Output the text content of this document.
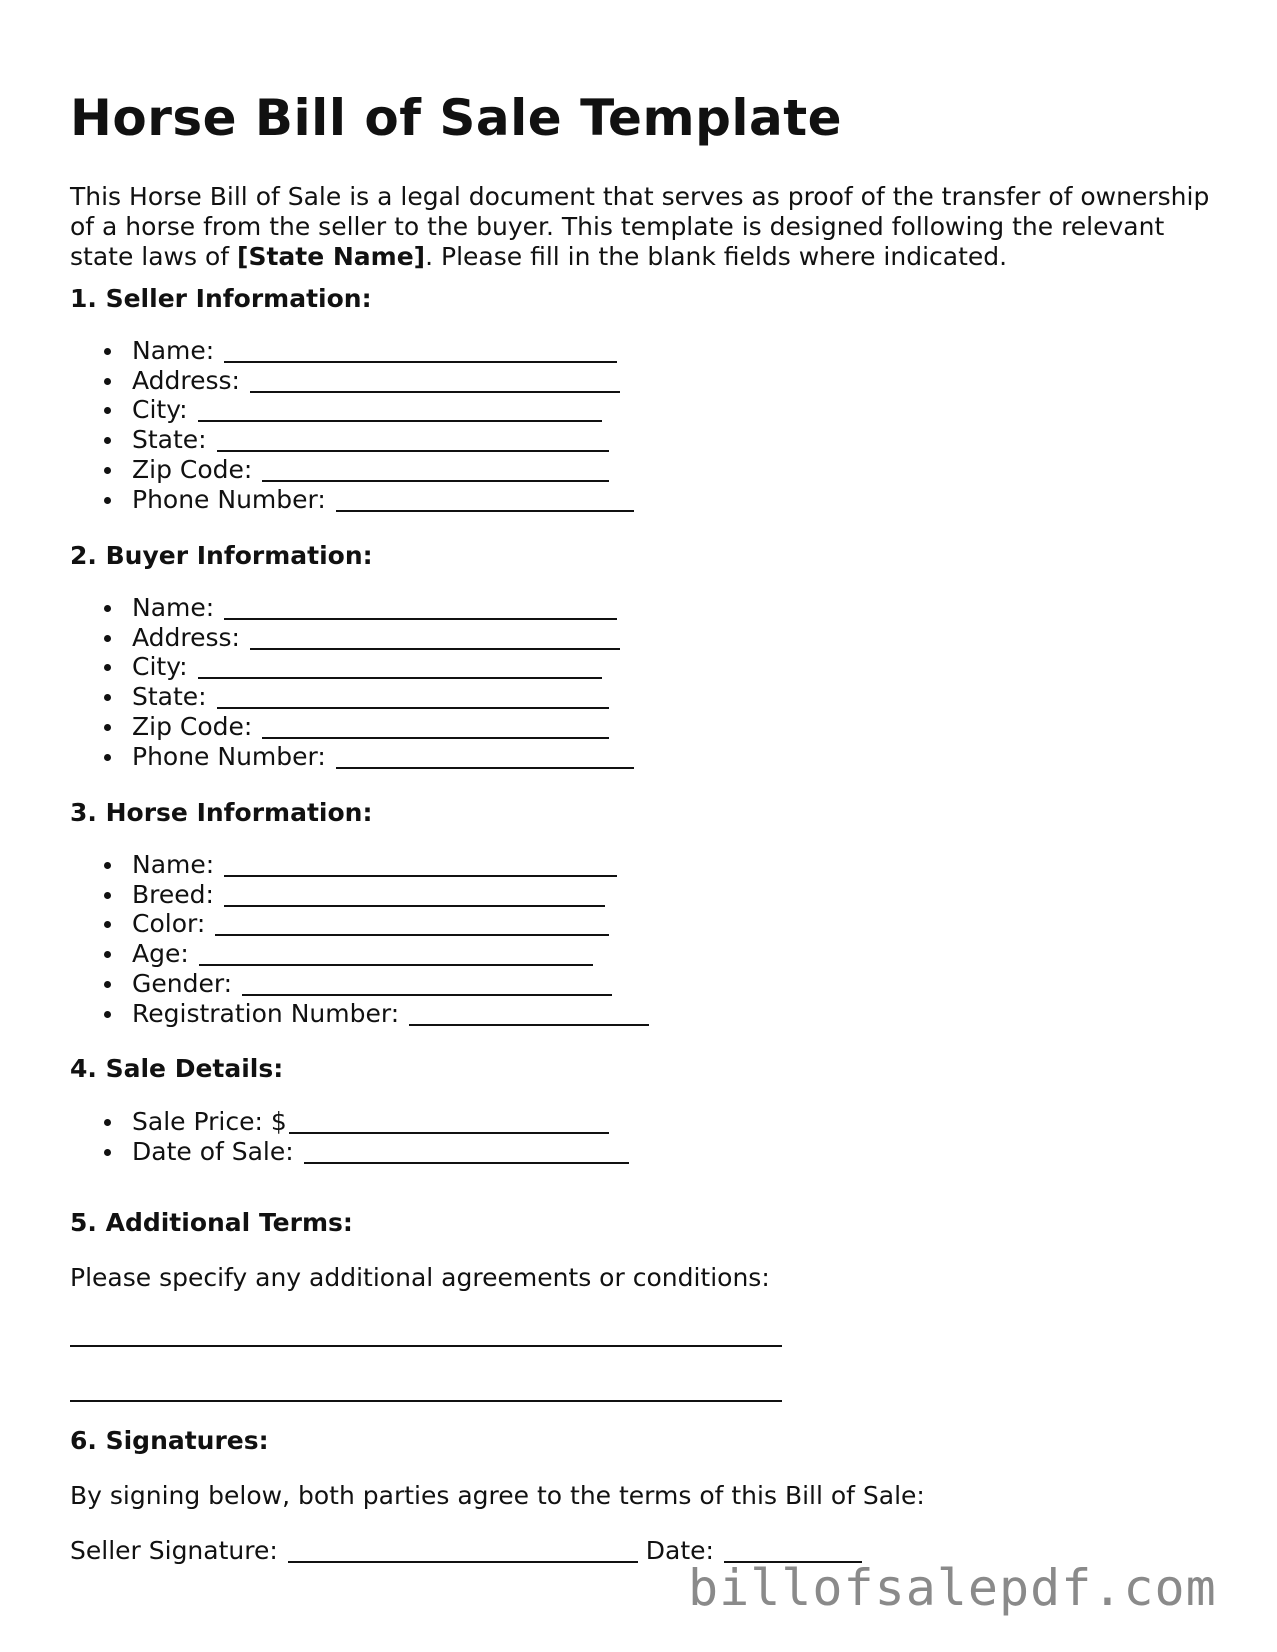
Horse Bill of Sale Template

This Horse Bill of Sale is a legal document that serves as proof of the transfer of ownership of a horse from the seller to the buyer. This template is designed following the relevant state laws of [State Name]. Please fill in the blank fields where indicated.

1. Seller Information:
Name:
Address:
City:
State:
Zip Code:
Phone Number:
2. Buyer Information:
Name:
Address:
City:
State:
Zip Code:
Phone Number:
3. Horse Information:
Name:
Breed:
Color:
Age:
Gender:
Registration Number:
4. Sale Details:
Sale Price: $
Date of Sale:
5. Additional Terms:
Please specify any additional agreements or conditions:
6. Signatures:
By signing below, both parties agree to the terms of this Bill of Sale:
Seller Signature:	Date:
billofsalepdf.com
